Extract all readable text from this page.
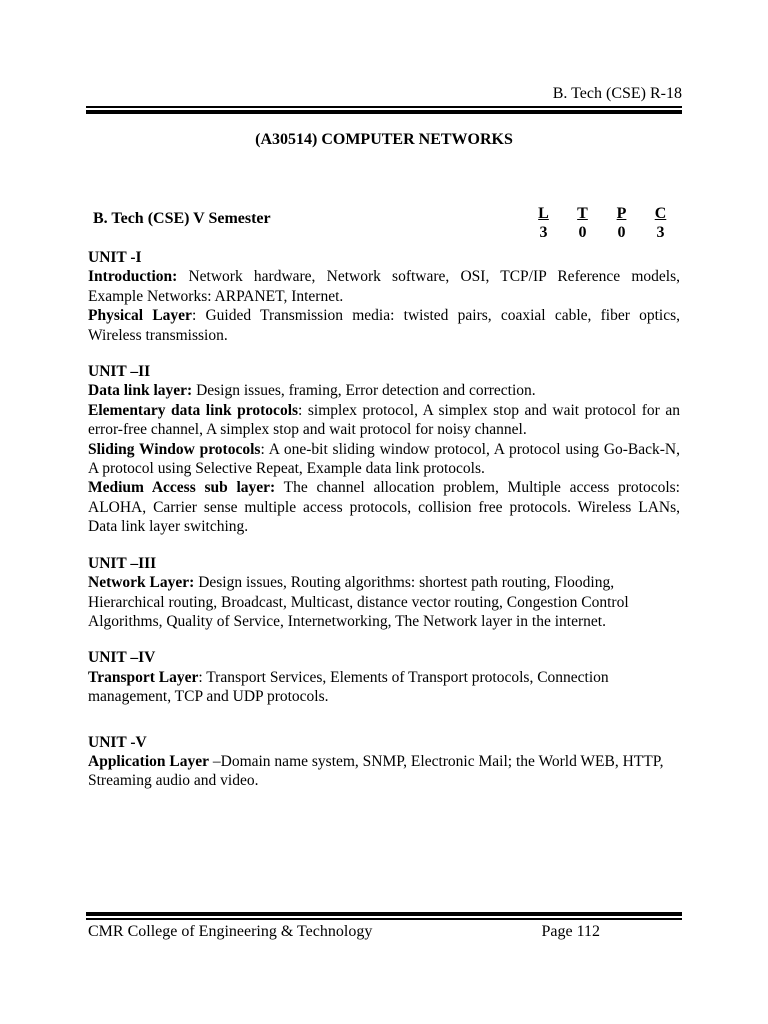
B. Tech (CSE) R-18
(A30514) COMPUTER NETWORKS
B. Tech (CSE) V Semester	L
3
T
0
P
0
C
3
UNIT -I
Introduction: Network hardware, Network software, OSI, TCP/IP Reference models, Example Networks: ARPANET, Internet.
Physical Layer: Guided Transmission media: twisted pairs, coaxial cable, fiber optics, Wireless transmission.
UNIT –II
Data link layer: Design issues, framing, Error detection and correction.
Elementary data link protocols: simplex protocol, A simplex stop and wait protocol for an error-free channel, A simplex stop and wait protocol for noisy channel.
Sliding Window protocols: A one-bit sliding window protocol, A protocol using Go-Back-N, A protocol using Selective Repeat, Example data link protocols.
Medium Access sub layer: The channel allocation problem, Multiple access protocols: ALOHA, Carrier sense multiple access protocols, collision free protocols. Wireless LANs, Data link layer switching.
UNIT –III
Network Layer: Design issues, Routing algorithms: shortest path routing, Flooding, Hierarchical routing, Broadcast, Multicast, distance vector routing, Congestion Control Algorithms, Quality of Service, Internetworking, The Network layer in the internet.
UNIT –IV
Transport Layer: Transport Services, Elements of Transport protocols, Connection management, TCP and UDP protocols.
UNIT -V
Application Layer –Domain name system, SNMP, Electronic Mail; the World WEB, HTTP, Streaming audio and video.
CMR College of Engineering & Technology	Page 112
